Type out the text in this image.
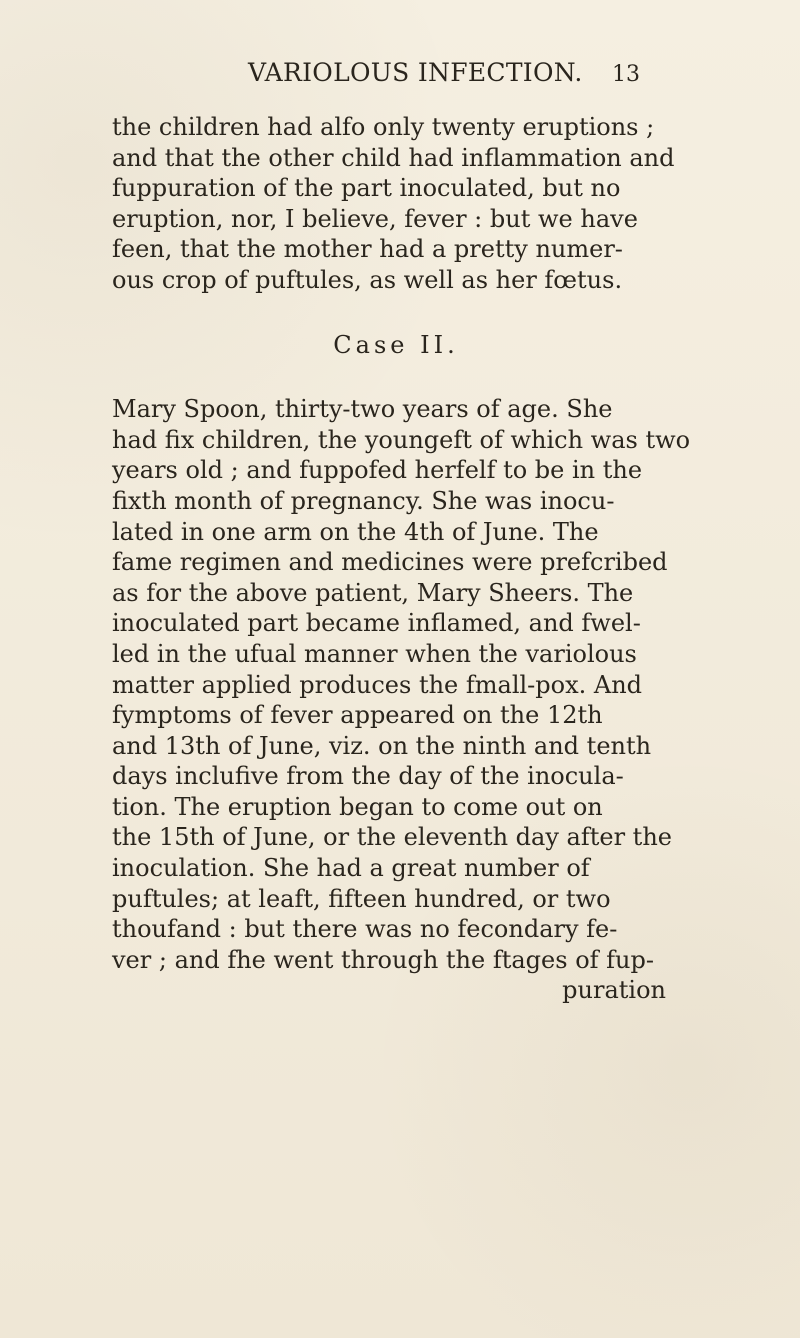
VARIOLOUS INFECTION. 13
the children had alfo only twenty eruptions ;
and that the other child had inflammation and
fuppuration of the part inoculated, but no
eruption, nor, I believe, fever : but we have
feen, that the mother had a pretty numer-
ous crop of puftules, as well as her fœtus.
Case II.
Mary Spoon, thirty-two years of age. She
had fix children, the youngeft of which was two
years old ; and fuppofed herfelf to be in the
fixth month of pregnancy. She was inocu-
lated in one arm on the 4th of June. The
fame regimen and medicines were prefcribed
as for the above patient, Mary Sheers. The
inoculated part became inflamed, and fwel-
led in the ufual manner when the variolous
matter applied produces the fmall-pox. And
fymptoms of fever appeared on the 12th
and 13th of June, viz. on the ninth and tenth
days inclufive from the day of the inocula-
tion. The eruption began to come out on
the 15th of June, or the eleventh day after the
inoculation. She had a great number of
puftules; at leaft, fifteen hundred, or two
thoufand : but there was no fecondary fe-
ver ; and fhe went through the ftages of fup-
puration
